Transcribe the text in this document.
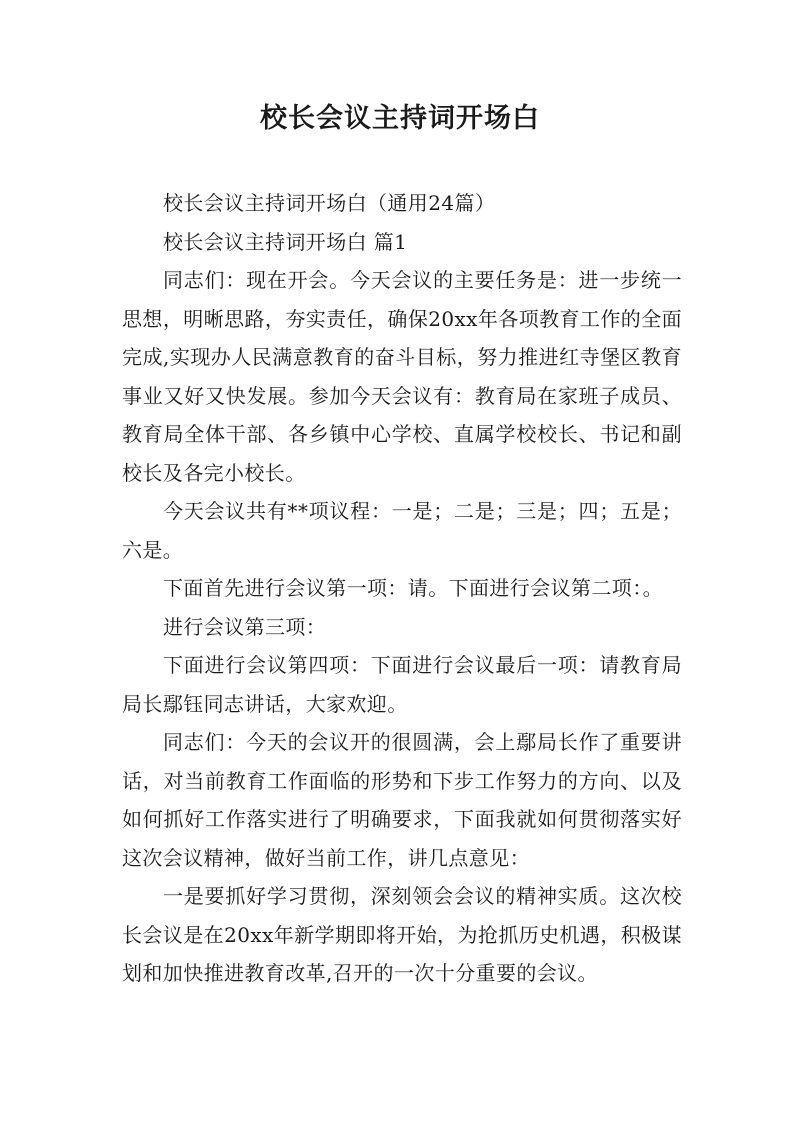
校长会议主持词开场白

校长会议主持词开场白（通用24篇）

校长会议主持词开场白 篇1

同志们：现在开会。今天会议的主要任务是：进一步统一思想，明晰思路，夯实责任，确保20xx年各项教育工作的全面完成,实现办人民满意教育的奋斗目标，努力推进红寺堡区教育事业又好又快发展。参加今天会议有：教育局在家班子成员、教育局全体干部、各乡镇中心学校、直属学校校长、书记和副校长及各完小校长。

今天会议共有**项议程：一是；二是；三是；四；五是；六是。

下面首先进行会议第一项：请。下面进行会议第二项：。

进行会议第三项：

下面进行会议第四项：下面进行会议最后一项：请教育局局长鄢钰同志讲话，大家欢迎。

同志们：今天的会议开的很圆满，会上鄢局长作了重要讲话，对当前教育工作面临的形势和下步工作努力的方向、以及如何抓好工作落实进行了明确要求，下面我就如何贯彻落实好这次会议精神，做好当前工作，讲几点意见：

一是要抓好学习贯彻，深刻领会会议的精神实质。这次校长会议是在20xx年新学期即将开始，为抢抓历史机遇，积极谋划和加快推进教育改革,召开的一次十分重要的会议。
